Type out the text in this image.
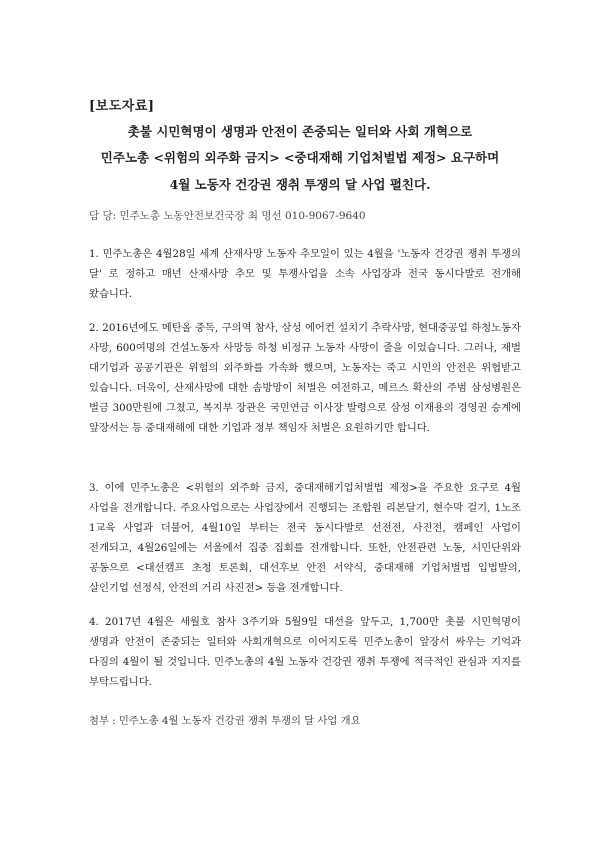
[보도자료]
촛불 시민혁명이 생명과 안전이 존중되는 일터와 사회 개혁으로
민주노총 <위험의 외주화 금지> <중대재해 기업처벌법 제정> 요구하며
4월 노동자 건강권 쟁취 투쟁의 달 사업 펼친다.
담 당: 민주노총 노동안전보건국장 최 명선 010-9067-9640
1. 민주노총은 4월28일 세계 산재사망 노동자 추모일이 있는 4월을 '노동자 건강권 쟁취 투쟁의 달' 로 정하고 매년 산재사망 추모 및 투쟁사업을 소속 사업장과 전국 동시다발로 전개해 왔습니다.
2. 2016년에도 메탄올 중독, 구의역 참사, 삼성 에어컨 설치기 추락사망, 현대중공업 하청노동자 사망, 600여명의 건설노동자 사망등 하청 비정규 노동자 사망이 줄을 이었습니다. 그러나, 재벌 대기업과 공공기관은 위험의 외주화를 가속화 했으며, 노동자는 죽고 시민의 안전은 위협받고 있습니다. 더욱이, 산재사망에 대한 솜방망이 처벌은 여전하고, 메르스 확산의 주범 삼성병원은 벌금 300만원에 그쳤고, 복지부 장관은 국민연금 이사장 발령으로 삼성 이재용의 경영권 승계에 앞장서는 등 중대재해에 대한 기업과 정부 책임자 처벌은 요원하기만 합니다.
3. 이에 민주노총은 <위험의 외주화 금지, 중대재해기업처벌법 제정>을 주요한 요구로 4월 사업을 전개합니다. 주요사업으로는 사업장에서 진행되는 조합원 리본달기, 현수막 걸기, 1노조 1교육 사업과 더불어, 4월10일 부터는 전국 동시다발로 선전전, 사진전, 캠페인 사업이 전개되고, 4월26일에는 서울에서 집중 집회를 전개합니다. 또한, 안전관련 노동, 시민단위와 공동으로 <대선캠프 초청 토론회, 대선후보 안전 서약식, 중대재해 기업처벌법 입법발의, 살인기업 선정식, 안전의 거리 사진전> 등을 전개합니다.
4. 2017년 4월은 세월호 참사 3주기와 5월9일 대선을 앞두고, 1,700만 촛불 시민혁명이 생명과 안전이 존중되는 일터와 사회개혁으로 이어지도록 민주노총이 앞장서 싸우는 기억과 다짐의 4월이 될 것입니다. 민주노총의 4월 노동자 건강권 쟁취 투쟁에 적극적인 관심과 지지를 부탁드립니다.
첨부 : 민주노총 4월 노동자 건강권 쟁취 투쟁의 달 사업 개요
